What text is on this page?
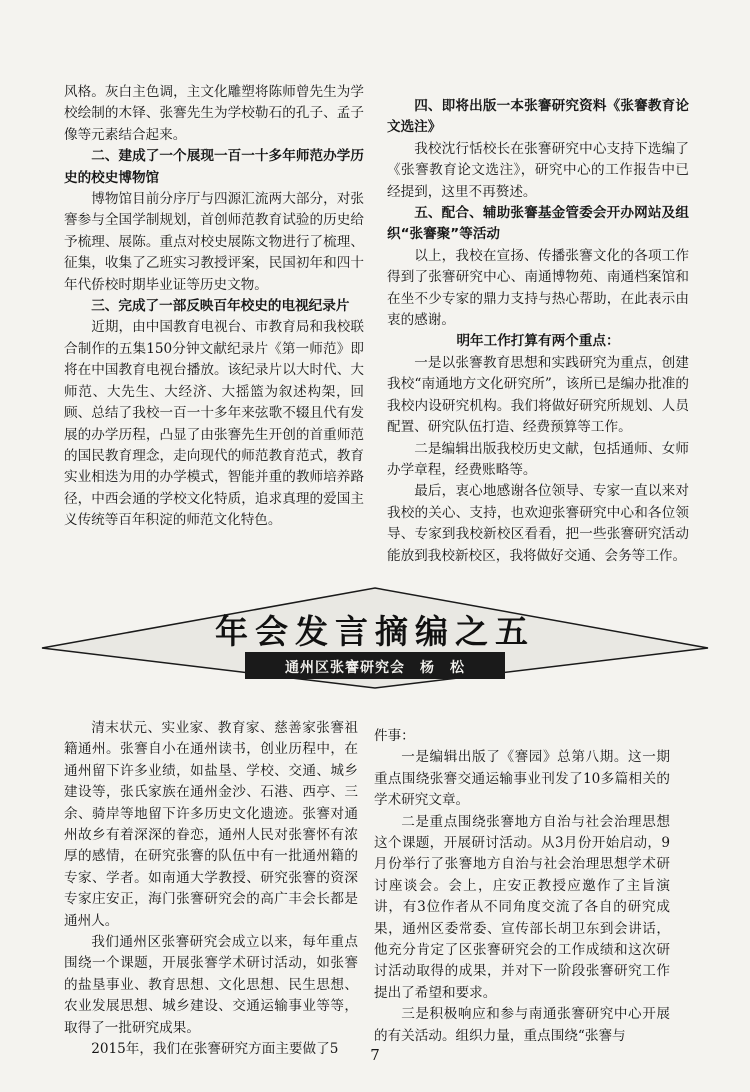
风格。灰白主色调，主文化雕塑将陈师曾先生为学校绘制的木铎、张謇先生为学校勒石的孔子、孟子像等元素结合起来。

二、建成了一个展现一百一十多年师范办学历史的校史博物馆

博物馆目前分序厅与四源汇流两大部分，对张謇参与全国学制规划，首创师范教育试验的历史给予梳理、展陈。重点对校史展陈文物进行了梳理、征集，收集了乙班实习教授评案，民国初年和四十年代侨校时期毕业证等历史文物。

三、完成了一部反映百年校史的电视纪录片

近期，由中国教育电视台、市教育局和我校联合制作的五集150分钟文献纪录片《第一师范》即将在中国教育电视台播放。该纪录片以大时代、大师范、大先生、大经济、大摇篮为叙述构架，回顾、总结了我校一百一十多年来弦歌不辍且代有发展的办学历程，凸显了由张謇先生开创的首重师范的国民教育理念，走向现代的师范教育范式，教育实业相迭为用的办学模式，智能并重的教师培养路径，中西会通的学校文化特质，追求真理的爱国主义传统等百年积淀的师范文化特色。

四、即将出版一本张謇研究资料《张謇教育论文选注》

我校沈行恬校长在张謇研究中心支持下选编了《张謇教育论文选注》，研究中心的工作报告中已经提到，这里不再赘述。

五、配合、辅助张謇基金管委会开办网站及组织“张謇聚”等活动

以上，我校在宣扬、传播张謇文化的各项工作得到了张謇研究中心、南通博物苑、南通档案馆和在坐不少专家的鼎力支持与热心帮助，在此表示由衷的感谢。

明年工作打算有两个重点：

一是以张謇教育思想和实践研究为重点，创建我校“南通地方文化研究所”，该所已是编办批准的我校内设研究机构。我们将做好研究所规划、人员配置、研究队伍打造、经费预算等工作。

二是编辑出版我校历史文献，包括通师、女师办学章程，经费账略等。

最后，衷心地感谢各位领导、专家一直以来对我校的关心、支持，也欢迎张謇研究中心和各位领导、专家到我校新校区看看，把一些张謇研究活动能放到我校新校区，我将做好交通、会务等工作。

年会发言摘编之五
通州区张謇研究会　杨　松

清末状元、实业家、教育家、慈善家张謇祖籍通州。张謇自小在通州读书，创业历程中，在通州留下许多业绩，如盐垦、学校、交通、城乡建设等，张氏家族在通州金沙、石港、西亭、三余、骑岸等地留下许多历史文化遗迹。张謇对通州故乡有着深深的眷恋，通州人民对张謇怀有浓厚的感情，在研究张謇的队伍中有一批通州籍的专家、学者。如南通大学教授、研究张謇的资深专家庄安正，海门张謇研究会的高广丰会长都是通州人。

我们通州区张謇研究会成立以来，每年重点围绕一个课题，开展张謇学术研讨活动，如张謇的盐垦事业、教育思想、文化思想、民生思想、农业发展思想、城乡建设、交通运输事业等等，取得了一批研究成果。

2015年，我们在张謇研究方面主要做了5

件事：

一是编辑出版了《謇园》总第八期。这一期重点围绕张謇交通运输事业刊发了10多篇相关的学术研究文章。

二是重点围绕张謇地方自治与社会治理思想这个课题，开展研讨活动。从3月份开始启动，9月份举行了张謇地方自治与社会治理思想学术研讨座谈会。会上，庄安正教授应邀作了主旨演讲，有3位作者从不同角度交流了各自的研究成果，通州区委常委、宣传部长胡卫东到会讲话，他充分肯定了区张謇研究会的工作成绩和这次研讨活动取得的成果，并对下一阶段张謇研究工作提出了希望和要求。

三是积极响应和参与南通张謇研究中心开展的有关活动。组织力量，重点围绕“张謇与

7
